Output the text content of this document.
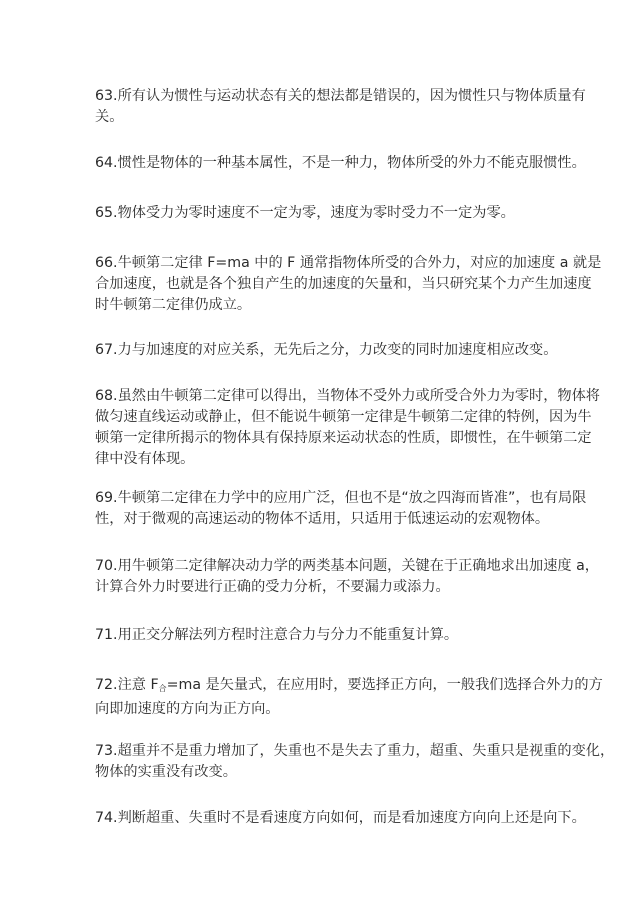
63.所有认为惯性与运动状态有关的想法都是错误的，因为惯性只与物体质量有
关。

64.惯性是物体的一种基本属性，不是一种力，物体所受的外力不能克服惯性。

65.物体受力为零时速度不一定为零，速度为零时受力不一定为零。

66.牛顿第二定律 F=ma 中的 F 通常指物体所受的合外力，对应的加速度 a 就是
合加速度，也就是各个独自产生的加速度的矢量和，当只研究某个力产生加速度
时牛顿第二定律仍成立。

67.力与加速度的对应关系，无先后之分，力改变的同时加速度相应改变。

68.虽然由牛顿第二定律可以得出，当物体不受外力或所受合外力为零时，物体将
做匀速直线运动或静止，但不能说牛顿第一定律是牛顿第二定律的特例，因为牛
顿第一定律所揭示的物体具有保持原来运动状态的性质，即惯性，在牛顿第二定
律中没有体现。

69.牛顿第二定律在力学中的应用广泛，但也不是“放之四海而皆准”，也有局限
性，对于微观的高速运动的物体不适用，只适用于低速运动的宏观物体。

70.用牛顿第二定律解决动力学的两类基本问题，关键在于正确地求出加速度 a，
计算合外力时要进行正确的受力分析，不要漏力或添力。

71.用正交分解法列方程时注意合力与分力不能重复计算。

72.注意 $F_合=ma$ 是矢量式，在应用时，要选择正方向，一般我们选择合外力的方
向即加速度的方向为正方向。

73.超重并不是重力增加了，失重也不是失去了重力，超重、失重只是视重的变化，
物体的实重没有改变。

74.判断超重、失重时不是看速度方向如何，而是看加速度方向向上还是向下。
